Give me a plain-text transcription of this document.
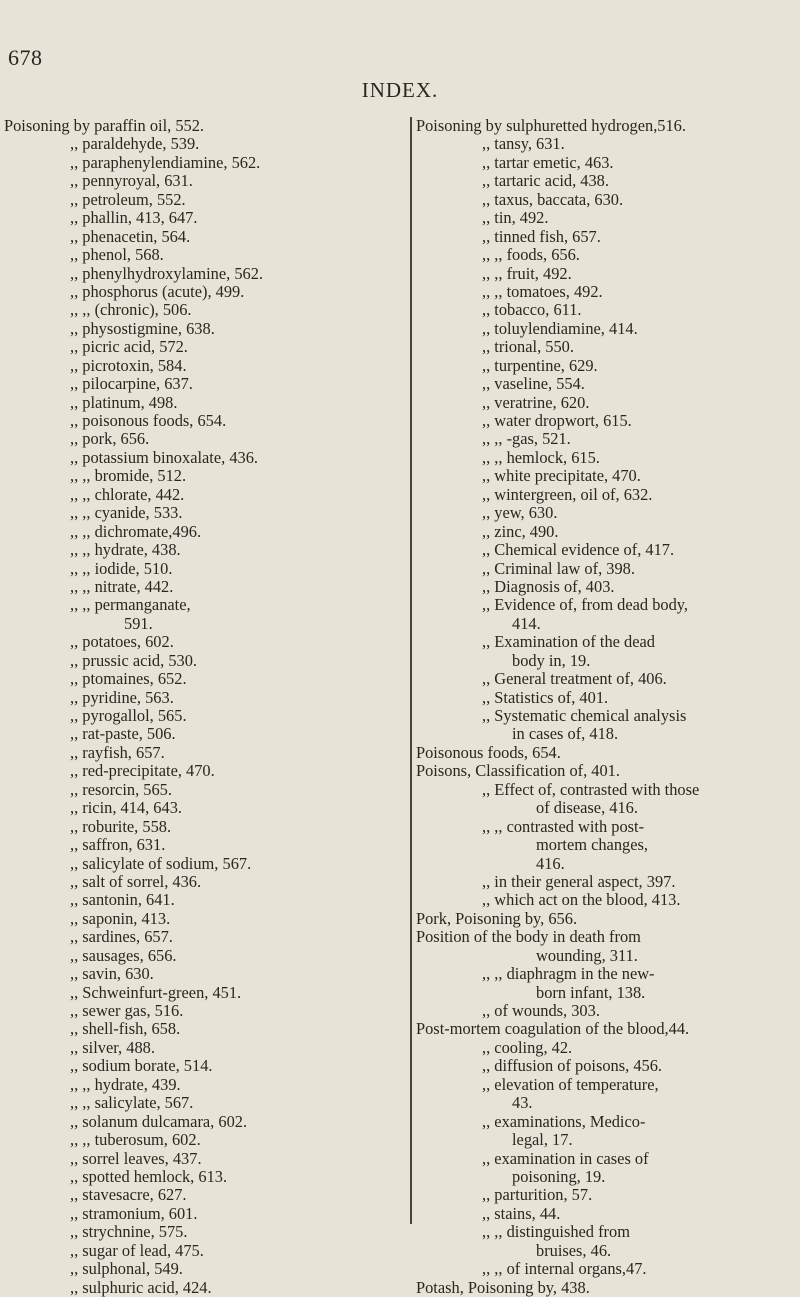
678
INDEX.
Poisoning by paraffin oil, 552.
,, paraldehyde, 539.
,, paraphenylendiamine, 562.
,, pennyroyal, 631.
,, petroleum, 552.
,, phallin, 413, 647.
,, phenacetin, 564.
,, phenol, 568.
,, phenylhydroxylamine, 562.
,, phosphorus (acute), 499.
,, ,, (chronic), 506.
,, physostigmine, 638.
,, picric acid, 572.
,, picrotoxin, 584.
,, pilocarpine, 637.
,, platinum, 498.
,, poisonous foods, 654.
,, pork, 656.
,, potassium binoxalate, 436.
,, ,, bromide, 512.
,, ,, chlorate, 442.
,, ,, cyanide, 533.
,, ,, dichromate,496.
,, ,, hydrate, 438.
,, ,, iodide, 510.
,, ,, nitrate, 442.
,, ,, permanganate,
591.
,, potatoes, 602.
,, prussic acid, 530.
,, ptomaines, 652.
,, pyridine, 563.
,, pyrogallol, 565.
,, rat-paste, 506.
,, rayfish, 657.
,, red-precipitate, 470.
,, resorcin, 565.
,, ricin, 414, 643.
,, roburite, 558.
,, saffron, 631.
,, salicylate of sodium, 567.
,, salt of sorrel, 436.
,, santonin, 641.
,, saponin, 413.
,, sardines, 657.
,, sausages, 656.
,, savin, 630.
,, Schweinfurt-green, 451.
,, sewer gas, 516.
,, shell-fish, 658.
,, silver, 488.
,, sodium borate, 514.
,, ,, hydrate, 439.
,, ,, salicylate, 567.
,, solanum dulcamara, 602.
,, ,, tuberosum, 602.
,, sorrel leaves, 437.
,, spotted hemlock, 613.
,, stavesacre, 627.
,, stramonium, 601.
,, strychnine, 575.
,, sugar of lead, 475.
,, sulphonal, 549.
,, sulphuric acid, 424.
Poisoning by sulphuretted hydrogen,516.
,, tansy, 631.
,, tartar emetic, 463.
,, tartaric acid, 438.
,, taxus, baccata, 630.
,, tin, 492.
,, tinned fish, 657.
,, ,, foods, 656.
,, ,, fruit, 492.
,, ,, tomatoes, 492.
,, tobacco, 611.
,, toluylendiamine, 414.
,, trional, 550.
,, turpentine, 629.
,, vaseline, 554.
,, veratrine, 620.
,, water dropwort, 615.
,, ,, -gas, 521.
,, ,, hemlock, 615.
,, white precipitate, 470.
,, wintergreen, oil of, 632.
,, yew, 630.
,, zinc, 490.
,, Chemical evidence of, 417.
,, Criminal law of, 398.
,, Diagnosis of, 403.
,, Evidence of, from dead body,
414.
,, Examination of the dead
body in, 19.
,, General treatment of, 406.
,, Statistics of, 401.
,, Systematic chemical analysis
in cases of, 418.
Poisonous foods, 654.
Poisons, Classification of, 401.
,, Effect of, contrasted with those
of disease, 416.
,, ,, contrasted with post-
mortem changes,
416.
,, in their general aspect, 397.
,, which act on the blood, 413.
Pork, Poisoning by, 656.
Position of the body in death from
wounding, 311.
,, ,, diaphragm in the new-
born infant, 138.
,, of wounds, 303.
Post-mortem coagulation of the blood,44.
,, cooling, 42.
,, diffusion of poisons, 456.
,, elevation of temperature,
43.
,, examinations, Medico-
legal, 17.
,, examination in cases of
poisoning, 19.
,, parturition, 57.
,, stains, 44.
,, ,, distinguished from
bruises, 46.
,, ,, of internal organs,47.
Potash, Poisoning by, 438.
